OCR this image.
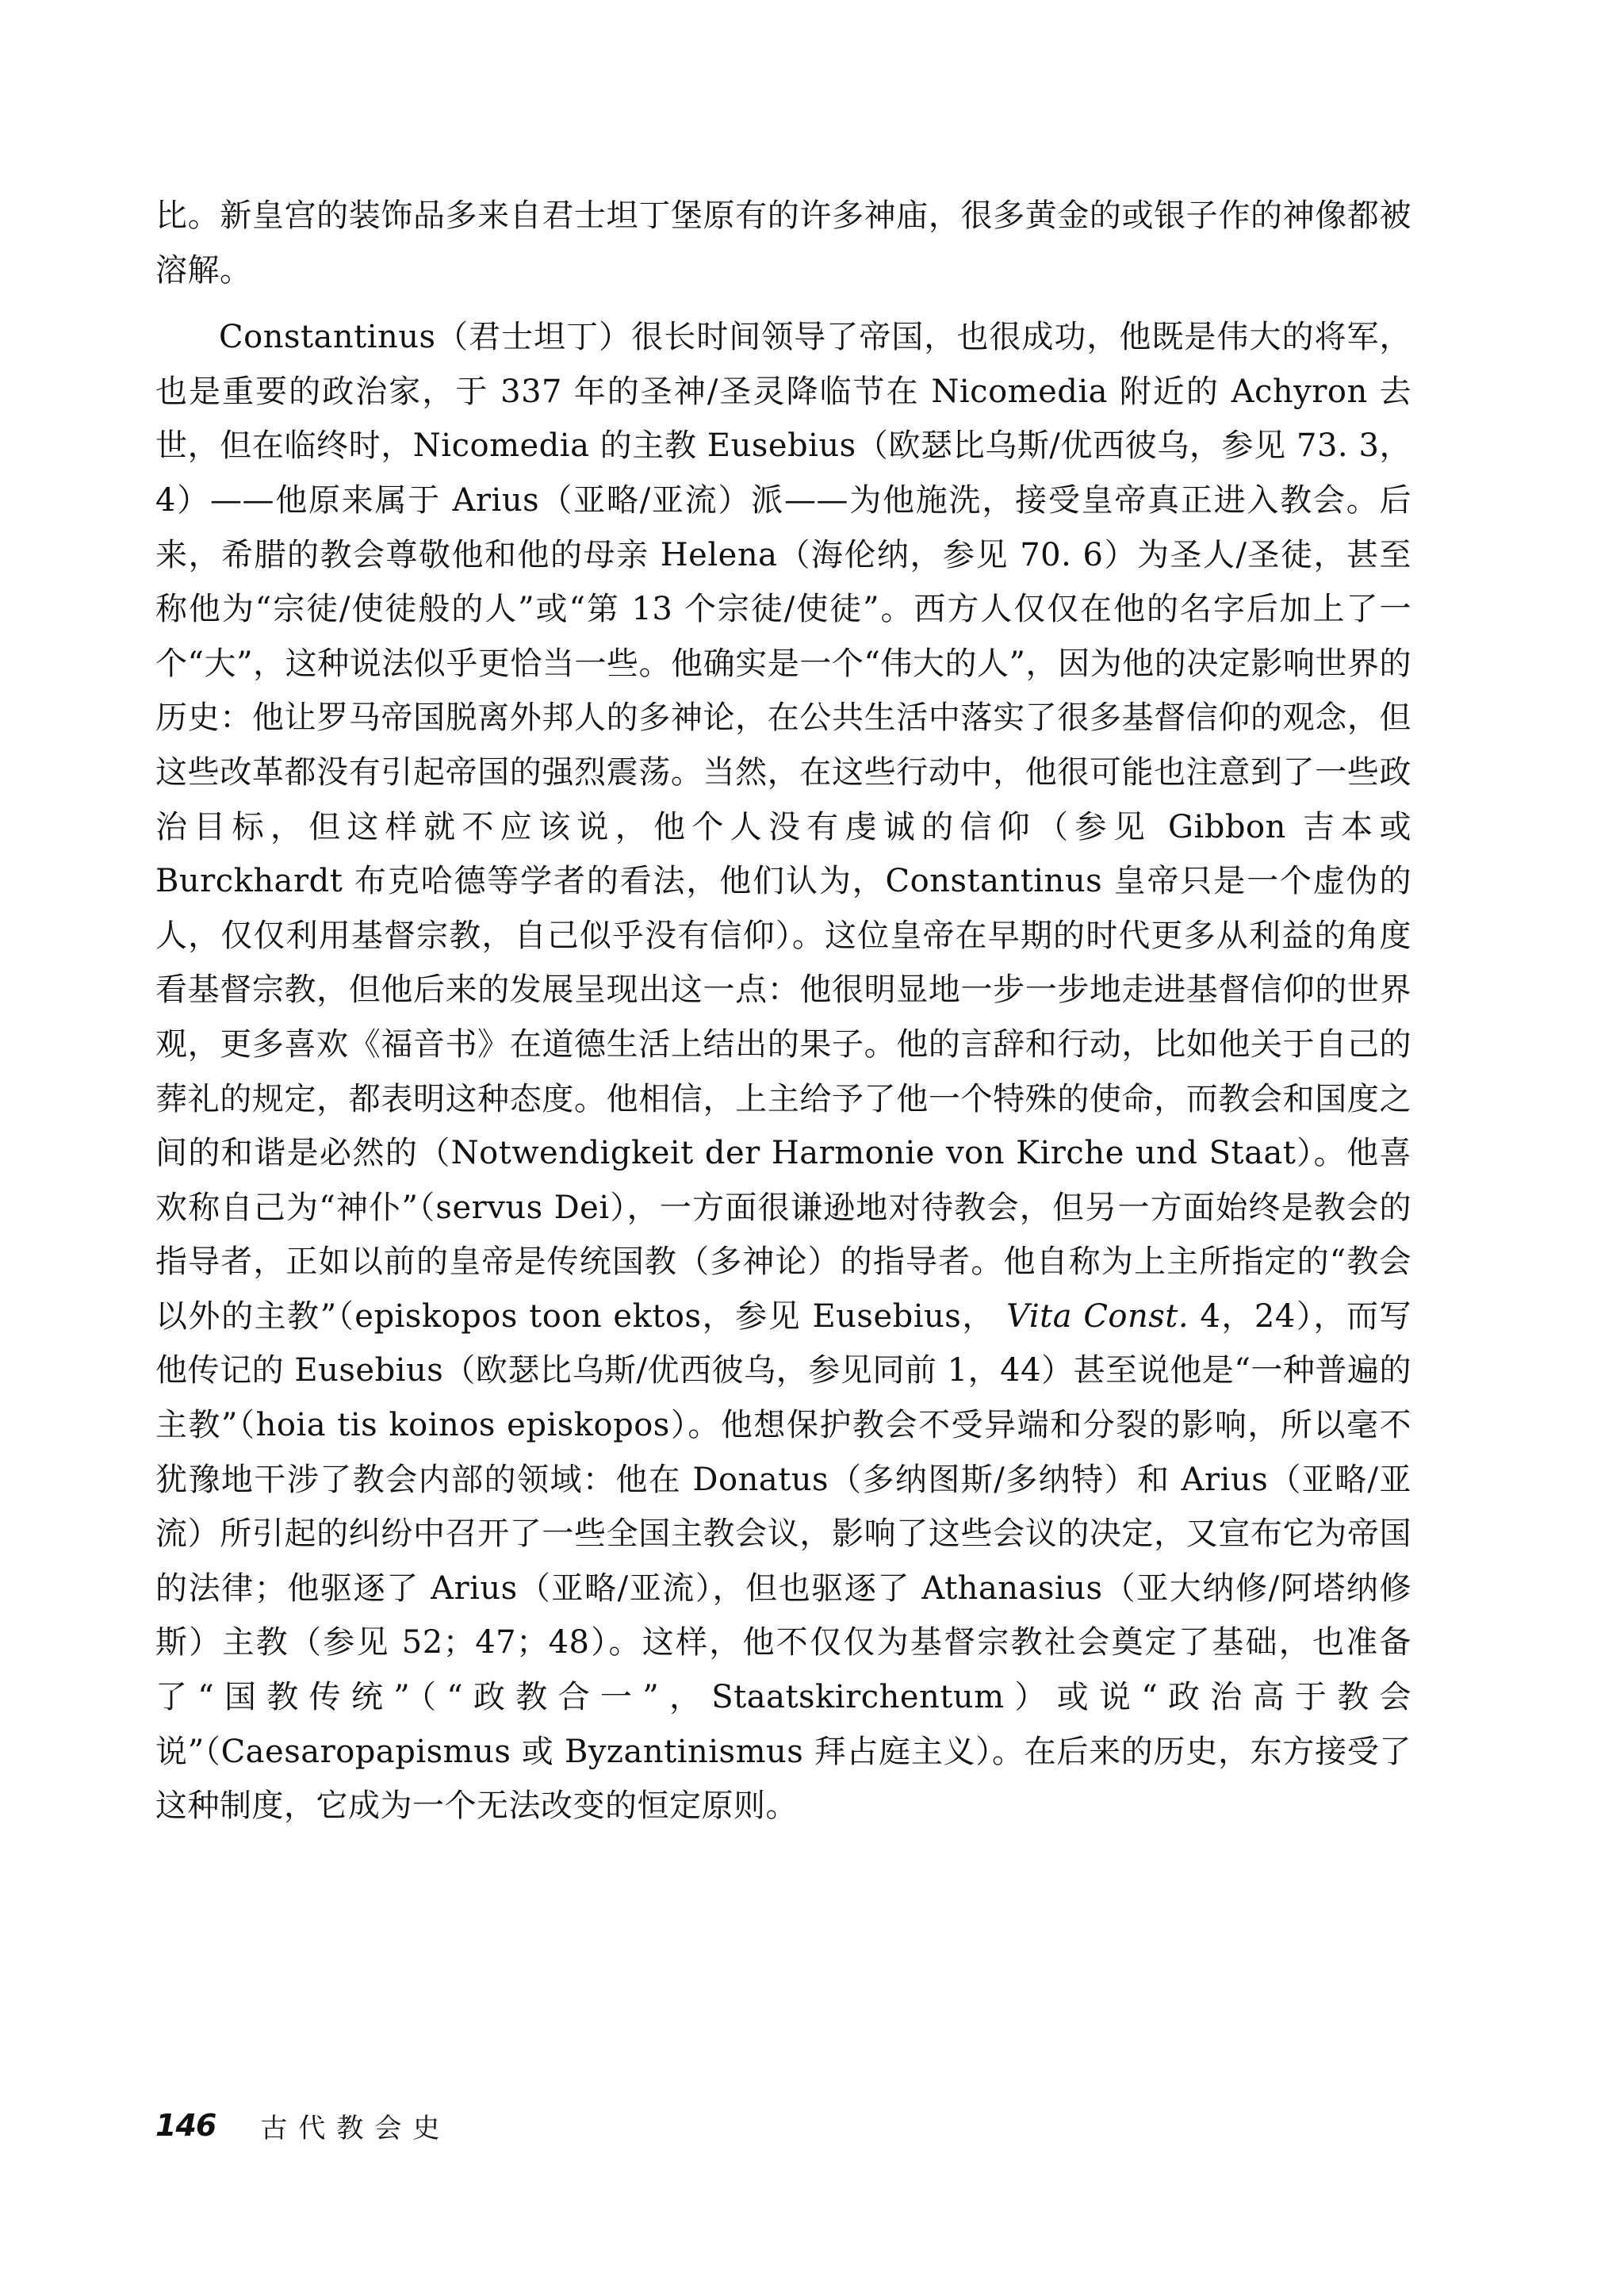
比。新皇宫的装饰品多来自君士坦丁堡原有的许多神庙，很多黄金的或银子作的神像都被溶解。

Constantinus（君士坦丁）很长时间领导了帝国，也很成功，他既是伟大的将军，也是重要的政治家，于 337 年的圣神/圣灵降临节在 Nicomedia 附近的 Achyron 去世，但在临终时，Nicomedia 的主教 Eusebius（欧瑟比乌斯/优西彼乌，参见 73. 3，4）——他原来属于 Arius（亚略/亚流）派——为他施洗，接受皇帝真正进入教会。后来，希腊的教会尊敬他和他的母亲 Helena（海伦纳，参见 70. 6）为圣人/圣徒，甚至称他为“宗徒/使徒般的人”或“第 13 个宗徒/使徒”。西方人仅仅在他的名字后加上了一个“大”，这种说法似乎更恰当一些。他确实是一个“伟大的人”，因为他的决定影响世界的历史：他让罗马帝国脱离外邦人的多神论，在公共生活中落实了很多基督信仰的观念，但这些改革都没有引起帝国的强烈震荡。当然，在这些行动中，他很可能也注意到了一些政治目标，但这样就不应该说，他个人没有虔诚的信仰（参见 Gibbon 吉本或 Burckhardt 布克哈德等学者的看法，他们认为，Constantinus 皇帝只是一个虚伪的人，仅仅利用基督宗教，自己似乎没有信仰）。这位皇帝在早期的时代更多从利益的角度看基督宗教，但他后来的发展呈现出这一点：他很明显地一步一步地走进基督信仰的世界观，更多喜欢《福音书》在道德生活上结出的果子。他的言辞和行动，比如他关于自己的葬礼的规定，都表明这种态度。他相信，上主给予了他一个特殊的使命，而教会和国度之间的和谐是必然的（Notwendigkeit der Harmonie von Kirche und Staat）。他喜欢称自己为“神仆”（servus Dei），一方面很谦逊地对待教会，但另一方面始终是教会的指导者，正如以前的皇帝是传统国教（多神论）的指导者。他自称为上主所指定的“教会以外的主教”（episkopos toon ektos，参见 Eusebius， Vita Const. 4，24），而写他传记的 Eusebius（欧瑟比乌斯/优西彼乌，参见同前 1，44）甚至说他是“一种普遍的主教”（hoia tis koinos episkopos）。他想保护教会不受异端和分裂的影响，所以毫不犹豫地干涉了教会内部的领域：他在 Donatus（多纳图斯/多纳特）和 Arius（亚略/亚流）所引起的纠纷中召开了一些全国主教会议，影响了这些会议的决定，又宣布它为帝国的法律；他驱逐了 Arius（亚略/亚流），但也驱逐了 Athanasius（亚大纳修/阿塔纳修斯）主教（参见 52；47；48）。这样，他不仅仅为基督宗教社会奠定了基础，也准备了“国教传统”（“政教合一”，Staatskirchentum）或说“政治高于教会说”（Caesaropapismus 或 Byzantinismus 拜占庭主义）。在后来的历史，东方接受了这种制度，它成为一个无法改变的恒定原则。

146 古代教会史
